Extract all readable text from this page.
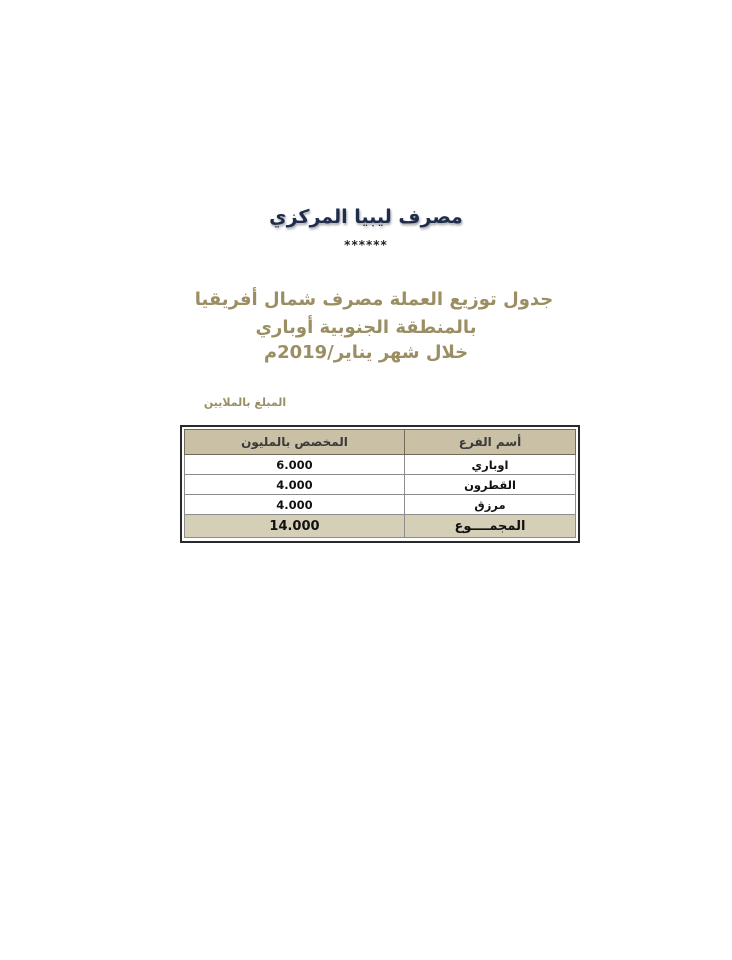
مصرف ليبيا المركزي
******
جدول توزيع العملة مصرف شمال أفريقيا
بالمنطقة الجنوبية أوباري
خلال شهر يناير/2019م
المبلغ بالملايين
أسم الفرع	المخصص بالمليون
اوباري	6.000
القطرون	4.000
مرزق	4.000
المجمــــوع	14.000
